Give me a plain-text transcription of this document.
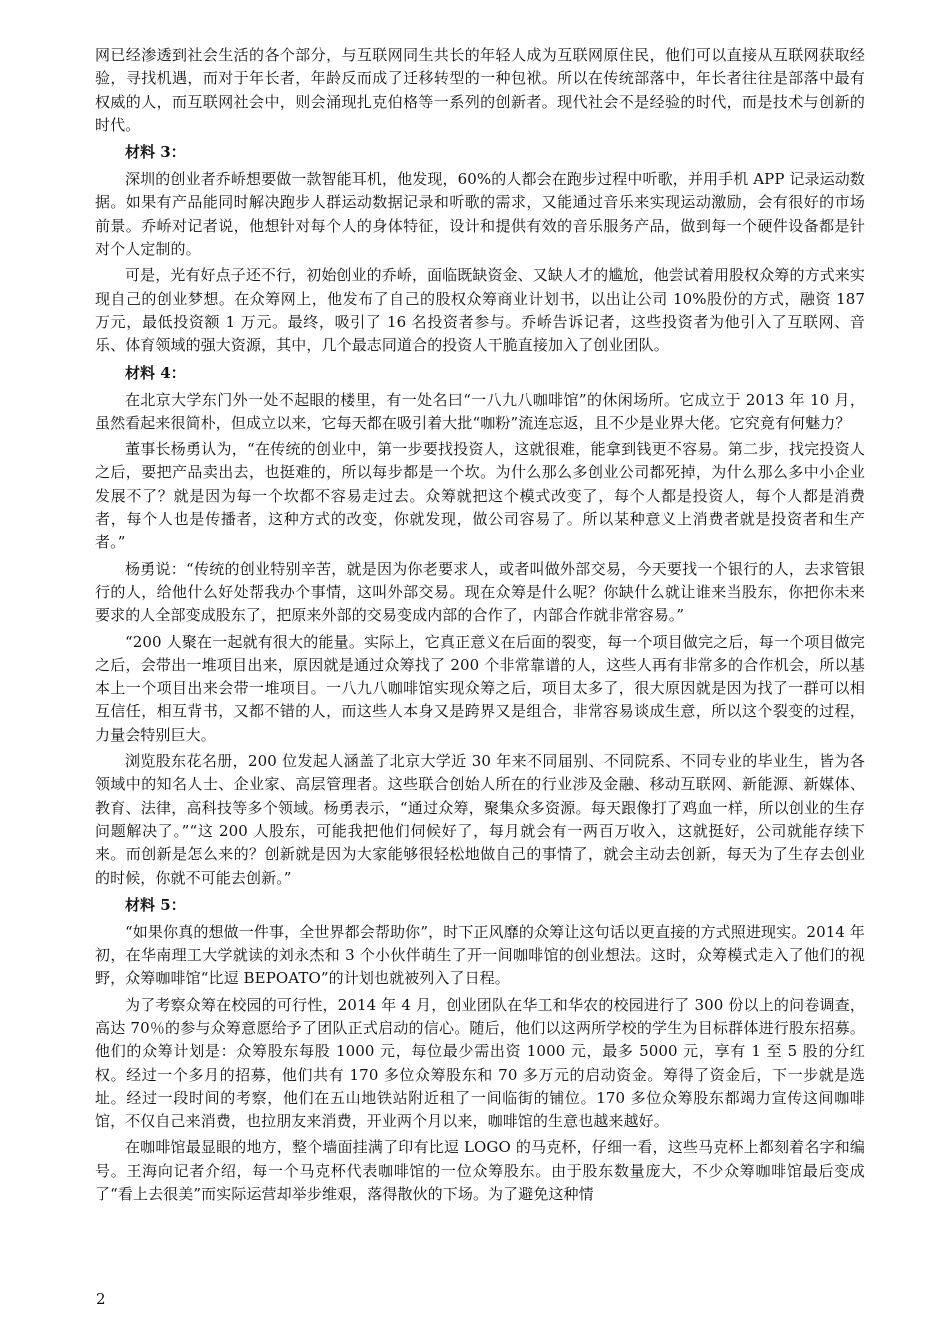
网已经渗透到社会生活的各个部分，与互联网同生共长的年轻人成为互联网原住民，他们可以直接从互联网获取经验，寻找机遇，而对于年长者，年龄反而成了迁移转型的一种包袱。所以在传统部落中，年长者往往是部落中最有权威的人，而互联网社会中，则会涌现扎克伯格等一系列的创新者。现代社会不是经验的时代，而是技术与创新的时代。

材料 3：

深圳的创业者乔峤想要做一款智能耳机，他发现，60%的人都会在跑步过程中听歌，并用手机 APP 记录运动数据。如果有产品能同时解决跑步人群运动数据记录和听歌的需求，又能通过音乐来实现运动激励，会有很好的市场前景。乔峤对记者说，他想针对每个人的身体特征，设计和提供有效的音乐服务产品，做到每一个硬件设备都是针对个人定制的。

可是，光有好点子还不行，初始创业的乔峤，面临既缺资金、又缺人才的尴尬，他尝试着用股权众筹的方式来实现自己的创业梦想。在众筹网上，他发布了自己的股权众筹商业计划书，以出让公司 10%股份的方式，融资 187 万元，最低投资额 1 万元。最终，吸引了 16 名投资者参与。乔峤告诉记者，这些投资者为他引入了互联网、音乐、体育领域的强大资源，其中，几个最志同道合的投资人干脆直接加入了创业团队。

材料 4：

在北京大学东门外一处不起眼的楼里，有一处名曰“一八九八咖啡馆”的休闲场所。它成立于 2013 年 10 月，虽然看起来很简朴，但成立以来，它每天都在吸引着大批“咖粉”流连忘返，且不少是业界大佬。它究竟有何魅力？

董事长杨勇认为，“在传统的创业中，第一步要找投资人，这就很难，能拿到钱更不容易。第二步，找完投资人之后，要把产品卖出去，也挺难的，所以每步都是一个坎。为什么那么多创业公司都死掉，为什么那么多中小企业发展不了？就是因为每一个坎都不容易走过去。众筹就把这个模式改变了，每个人都是投资人，每个人都是消费者，每个人也是传播者，这种方式的改变，你就发现，做公司容易了。所以某种意义上消费者就是投资者和生产者。”

杨勇说：“传统的创业特别辛苦，就是因为你老要求人，或者叫做外部交易，今天要找一个银行的人，去求管银行的人，给他什么好处帮我办个事情，这叫外部交易。现在众筹是什么呢？你缺什么就让谁来当股东，你把你未来要求的人全部变成股东了，把原来外部的交易变成内部的合作了，内部合作就非常容易。”

“200 人聚在一起就有很大的能量。实际上，它真正意义在后面的裂变，每一个项目做完之后，每一个项目做完之后，会带出一堆项目出来，原因就是通过众筹找了 200 个非常靠谱的人，这些人再有非常多的合作机会，所以基本上一个项目出来会带一堆项目。一八九八咖啡馆实现众筹之后，项目太多了，很大原因就是因为找了一群可以相互信任，相互背书，又都不错的人，而这些人本身又是跨界又是组合，非常容易谈成生意，所以这个裂变的过程，力量会特别巨大。

浏览股东花名册，200 位发起人涵盖了北京大学近 30 年来不同届别、不同院系、不同专业的毕业生，皆为各领域中的知名人士、企业家、高层管理者。这些联合创始人所在的行业涉及金融、移动互联网、新能源、新媒体、教育、法律，高科技等多个领域。杨勇表示，“通过众筹，聚集众多资源。每天跟像打了鸡血一样，所以创业的生存问题解决了。”“这 200 人股东，可能我把他们伺候好了，每月就会有一两百万收入，这就挺好，公司就能存续下来。而创新是怎么来的？创新就是因为大家能够很轻松地做自己的事情了，就会主动去创新，每天为了生存去创业的时候，你就不可能去创新。”

材料 5：

“如果你真的想做一件事，全世界都会帮助你”，时下正风靡的众筹让这句话以更直接的方式照进现实。2014 年初，在华南理工大学就读的刘永杰和 3 个小伙伴萌生了开一间咖啡馆的创业想法。这时，众筹模式走入了他们的视野，众筹咖啡馆“比逗 BEPOATO”的计划也就被列入了日程。

为了考察众筹在校园的可行性，2014 年 4 月，创业团队在华工和华农的校园进行了 300 份以上的问卷调查，高达 70％的参与众筹意愿给予了团队正式启动的信心。随后，他们以这两所学校的学生为目标群体进行股东招募。他们的众筹计划是：众筹股东每股 1000 元，每位最少需出资 1000 元，最多 5000 元，享有 1 至 5 股的分红权。经过一个多月的招募，他们共有 170 多位众筹股东和 70 多万元的启动资金。筹得了资金后，下一步就是选址。经过一段时间的考察，他们在五山地铁站附近租了一间临街的铺位。170 多位众筹股东都竭力宣传这间咖啡馆，不仅自己来消费，也拉朋友来消费，开业两个月以来，咖啡馆的生意也越来越好。

在咖啡馆最显眼的地方，整个墙面挂满了印有比逗 LOGO 的马克杯，仔细一看，这些马克杯上都刻着名字和编号。王海向记者介绍，每一个马克杯代表咖啡馆的一位众筹股东。由于股东数量庞大，不少众筹咖啡馆最后变成了“看上去很美”而实际运营却举步维艰，落得散伙的下场。为了避免这种情

2
